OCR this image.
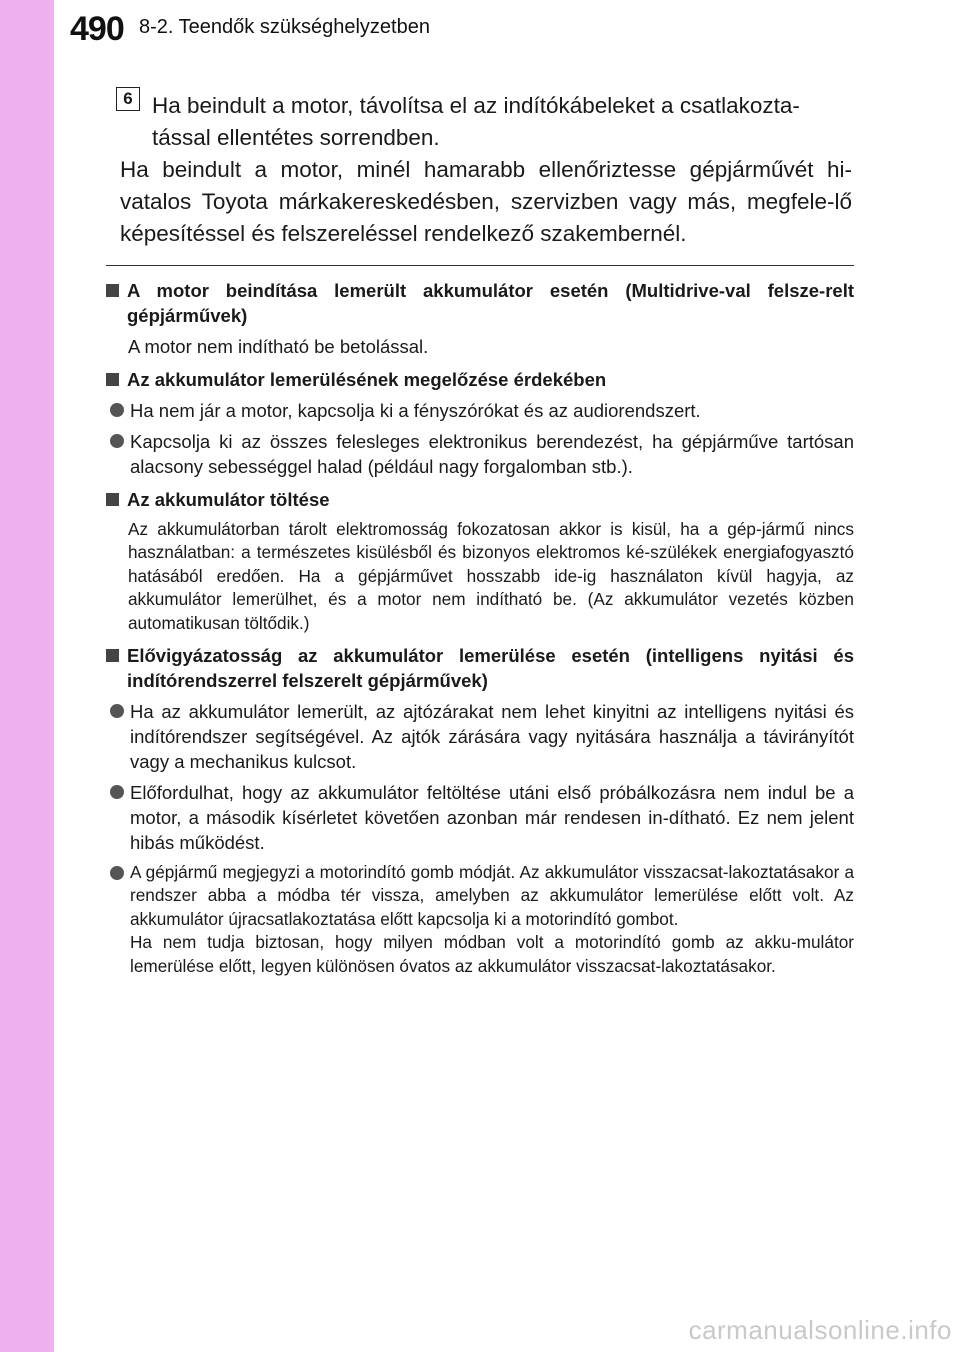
490 8-2. Teendők szükséghelyzetben
6 Ha beindult a motor, távolítsa el az indítókábeleket a csatlakozta-
tással ellentétes sorrendben.
Ha beindult a motor, minél hamarabb ellenőriztesse gépjárművét hi-vatalos Toyota márkakereskedésben, szervizben vagy más, megfele-lő képesítéssel és felszereléssel rendelkező szakembernél.
A motor beindítása lemerült akkumulátor esetén (Multidrive-val felsze-relt gépjárművek)
A motor nem indítható be betolással.
Az akkumulátor lemerülésének megelőzése érdekében
Ha nem jár a motor, kapcsolja ki a fényszórókat és az audiorendszert.
Kapcsolja ki az összes felesleges elektronikus berendezést, ha gépjárműve tartósan alacsony sebességgel halad (például nagy forgalomban stb.).
Az akkumulátor töltése
Az akkumulátorban tárolt elektromosság fokozatosan akkor is kisül, ha a gép-jármű nincs használatban: a természetes kisülésből és bizonyos elektromos ké-szülékek energiafogyasztó hatásából eredően. Ha a gépjárművet hosszabb ide-ig használaton kívül hagyja, az akkumulátor lemerülhet, és a motor nem indítható be. (Az akkumulátor vezetés közben automatikusan töltődik.)
Elővigyázatosság az akkumulátor lemerülése esetén (intelligens nyitási és indítórendszerrel felszerelt gépjárművek)
Ha az akkumulátor lemerült, az ajtózárakat nem lehet kinyitni az intelligens nyitási és indítórendszer segítségével. Az ajtók zárására vagy nyitására használja a távirányítót vagy a mechanikus kulcsot.
Előfordulhat, hogy az akkumulátor feltöltése utáni első próbálkozásra nem indul be a motor, a második kísérletet követően azonban már rendesen in-dítható. Ez nem jelent hibás működést.
A gépjármű megjegyzi a motorindító gomb módját. Az akkumulátor visszacsat-lakoztatásakor a rendszer abba a módba tér vissza, amelyben az akkumulátor lemerülése előtt volt. Az akkumulátor újracsatlakoztatása előtt kapcsolja ki a motorindító gombot.
Ha nem tudja biztosan, hogy milyen módban volt a motorindító gomb az akku-mulátor lemerülése előtt, legyen különösen óvatos az akkumulátor visszacsat-lakoztatásakor.
carmanualsonline.info
